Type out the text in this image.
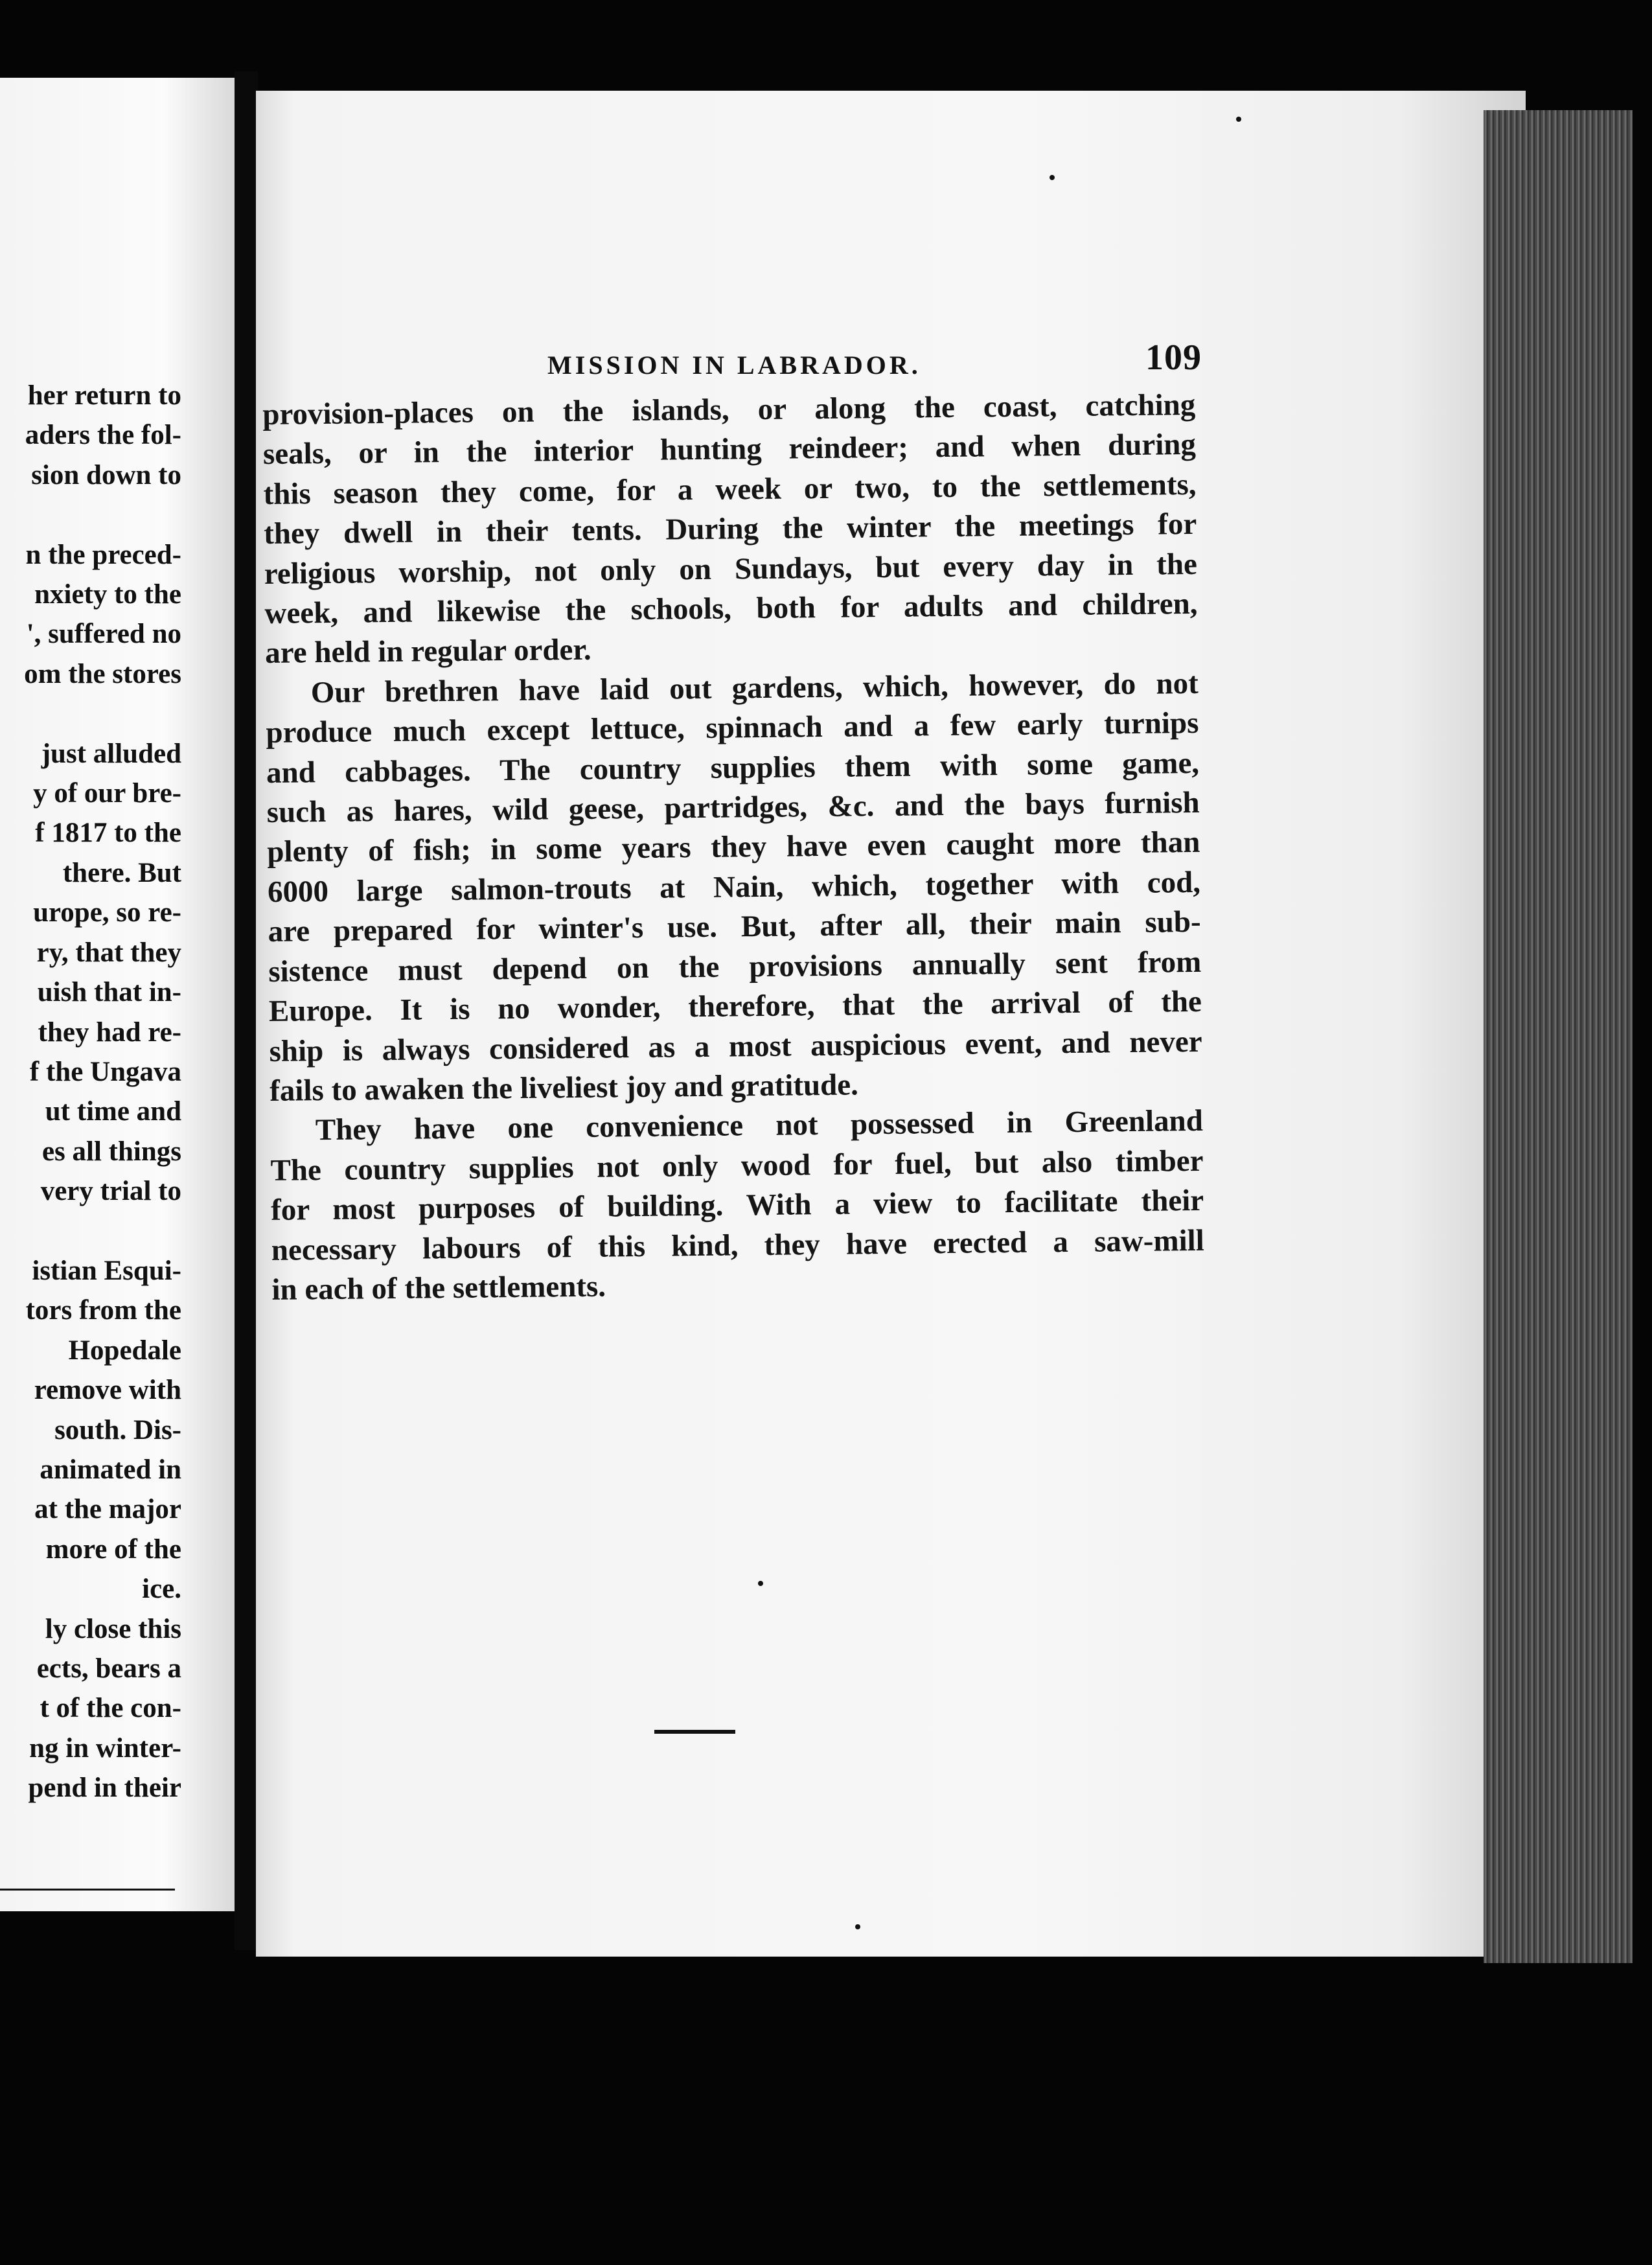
her return to
aders the fol-
sion down to

n the preced-
nxiety to the
', suffered no
om the stores

just alluded
y of our bre-
f 1817 to the
there. But
urope, so re-
ry, that they
uish that in-
they had re-
f the Ungava
ut time and
es all things
very trial to

istian Esqui-
tors from the
Hopedale
remove with
south. Dis-
animated in
at the major
more of the
ice.
ly close this
ects, bears a
t of the con-
ng in winter-
pend in their
MISSION IN LABRADOR.	109
provision-places on the islands, or along the coast, catching
seals, or in the interior hunting reindeer; and when during
this season they come, for a week or two, to the settlements,
they dwell in their tents. During the winter the meetings for
religious worship, not only on Sundays, but every day in the
week, and likewise the schools, both for adults and children,
are held in regular order.
Our brethren have laid out gardens, which, however, do not
produce much except lettuce, spinnach and a few early turnips
and cabbages. The country supplies them with some game,
such as hares, wild geese, partridges, &c. and the bays furnish
plenty of fish; in some years they have even caught more than
6000 large salmon-trouts at Nain, which, together with cod,
are prepared for winter's use. But, after all, their main sub-
sistence must depend on the provisions annually sent from
Europe. It is no wonder, therefore, that the arrival of the
ship is always considered as a most auspicious event, and never
fails to awaken the liveliest joy and gratitude.
They have one convenience not possessed in Greenland
The country supplies not only wood for fuel, but also timber
for most purposes of building. With a view to facilitate their
necessary labours of this kind, they have erected a saw-mill
in each of the settlements.
